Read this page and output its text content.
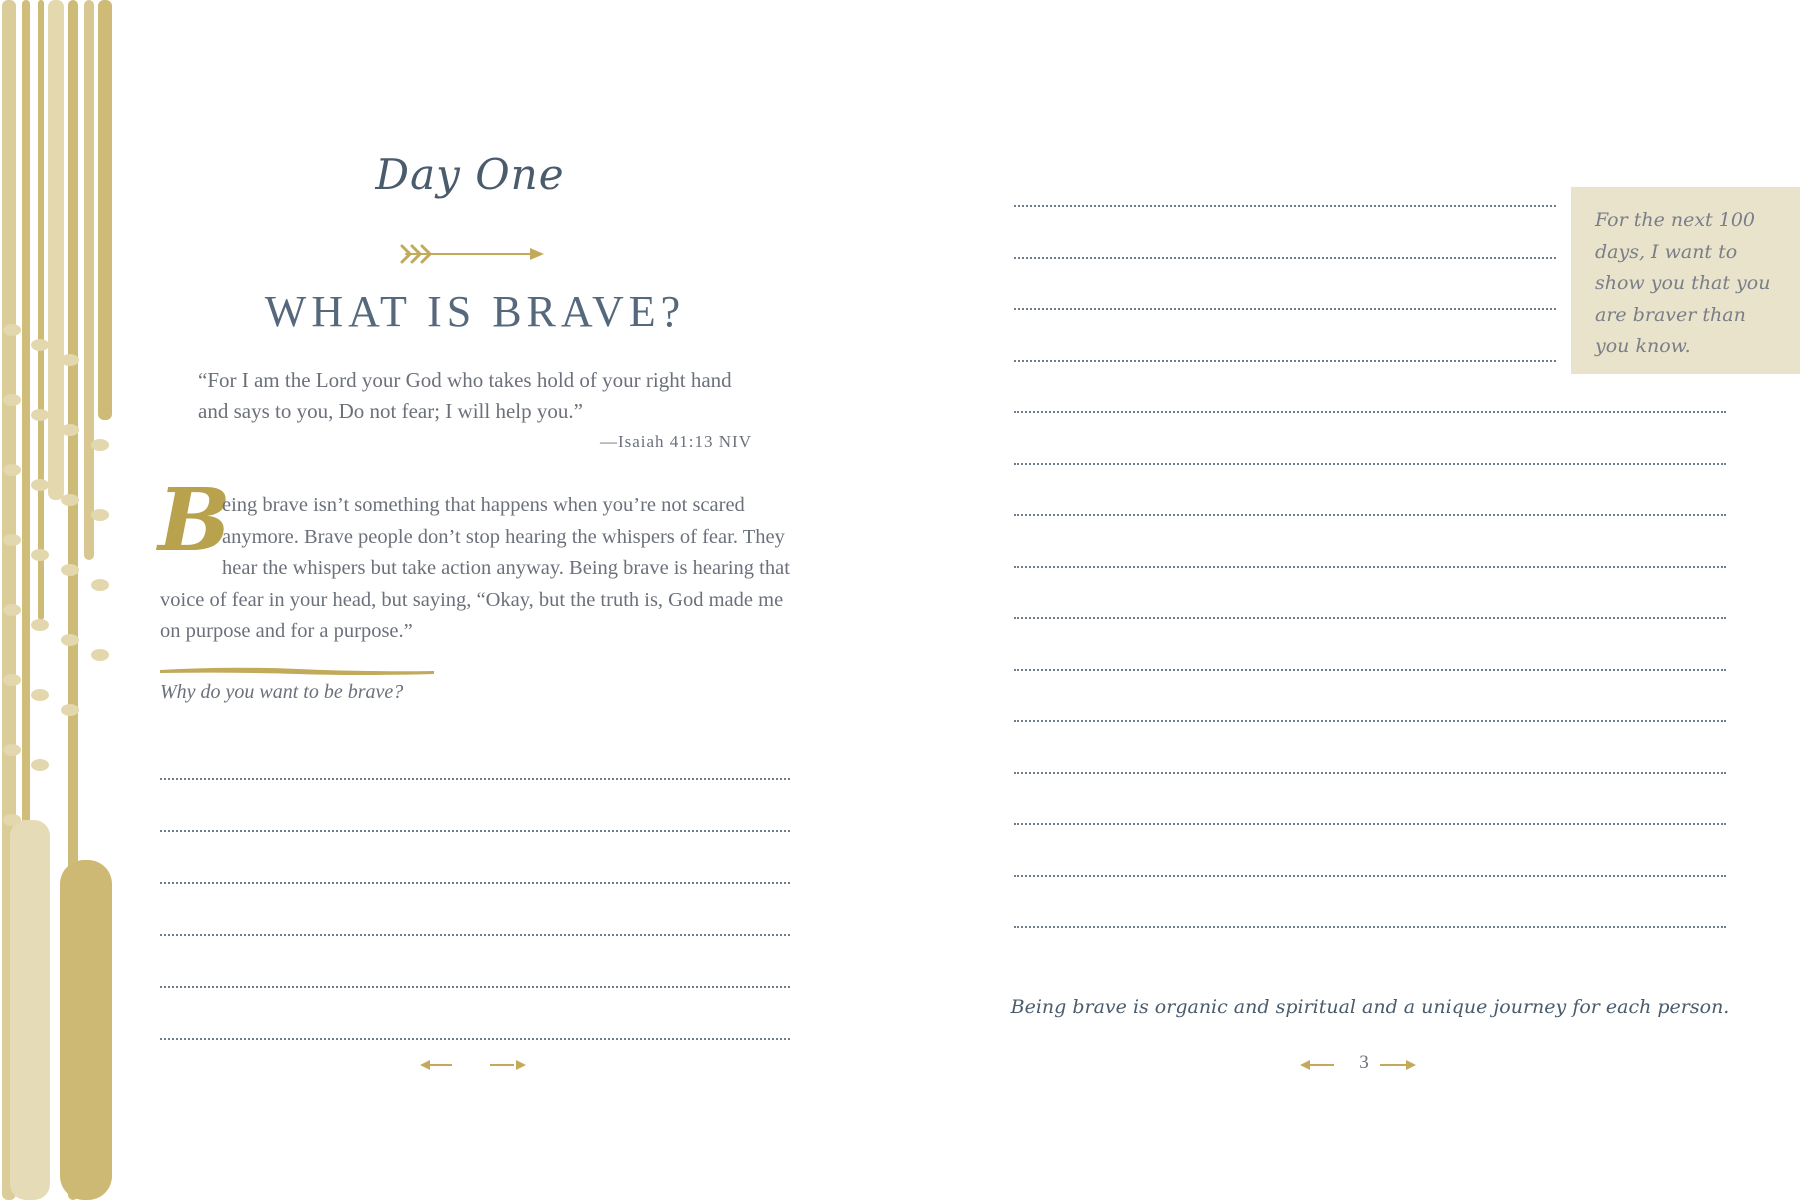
Day One
WHAT IS BRAVE?
“For I am the Lord your God who takes hold of your right hand and says to you, Do not fear; I will help you.”
—Isaiah 41:13 NIV
B
eing brave isn’t something that happens when you’re not scared anymore. Brave people don’t stop hearing the whispers of fear. They hear the whispers but take action anyway. Being brave is hearing that voice of fear in your head, but saying, “Okay, but the truth is, God made me on purpose and for a purpose.”
Why do you want to be brave?
For the next 100 days, I want to show you that you are braver than you know.
Being brave is organic and spiritual and a unique journey for each person.
3
